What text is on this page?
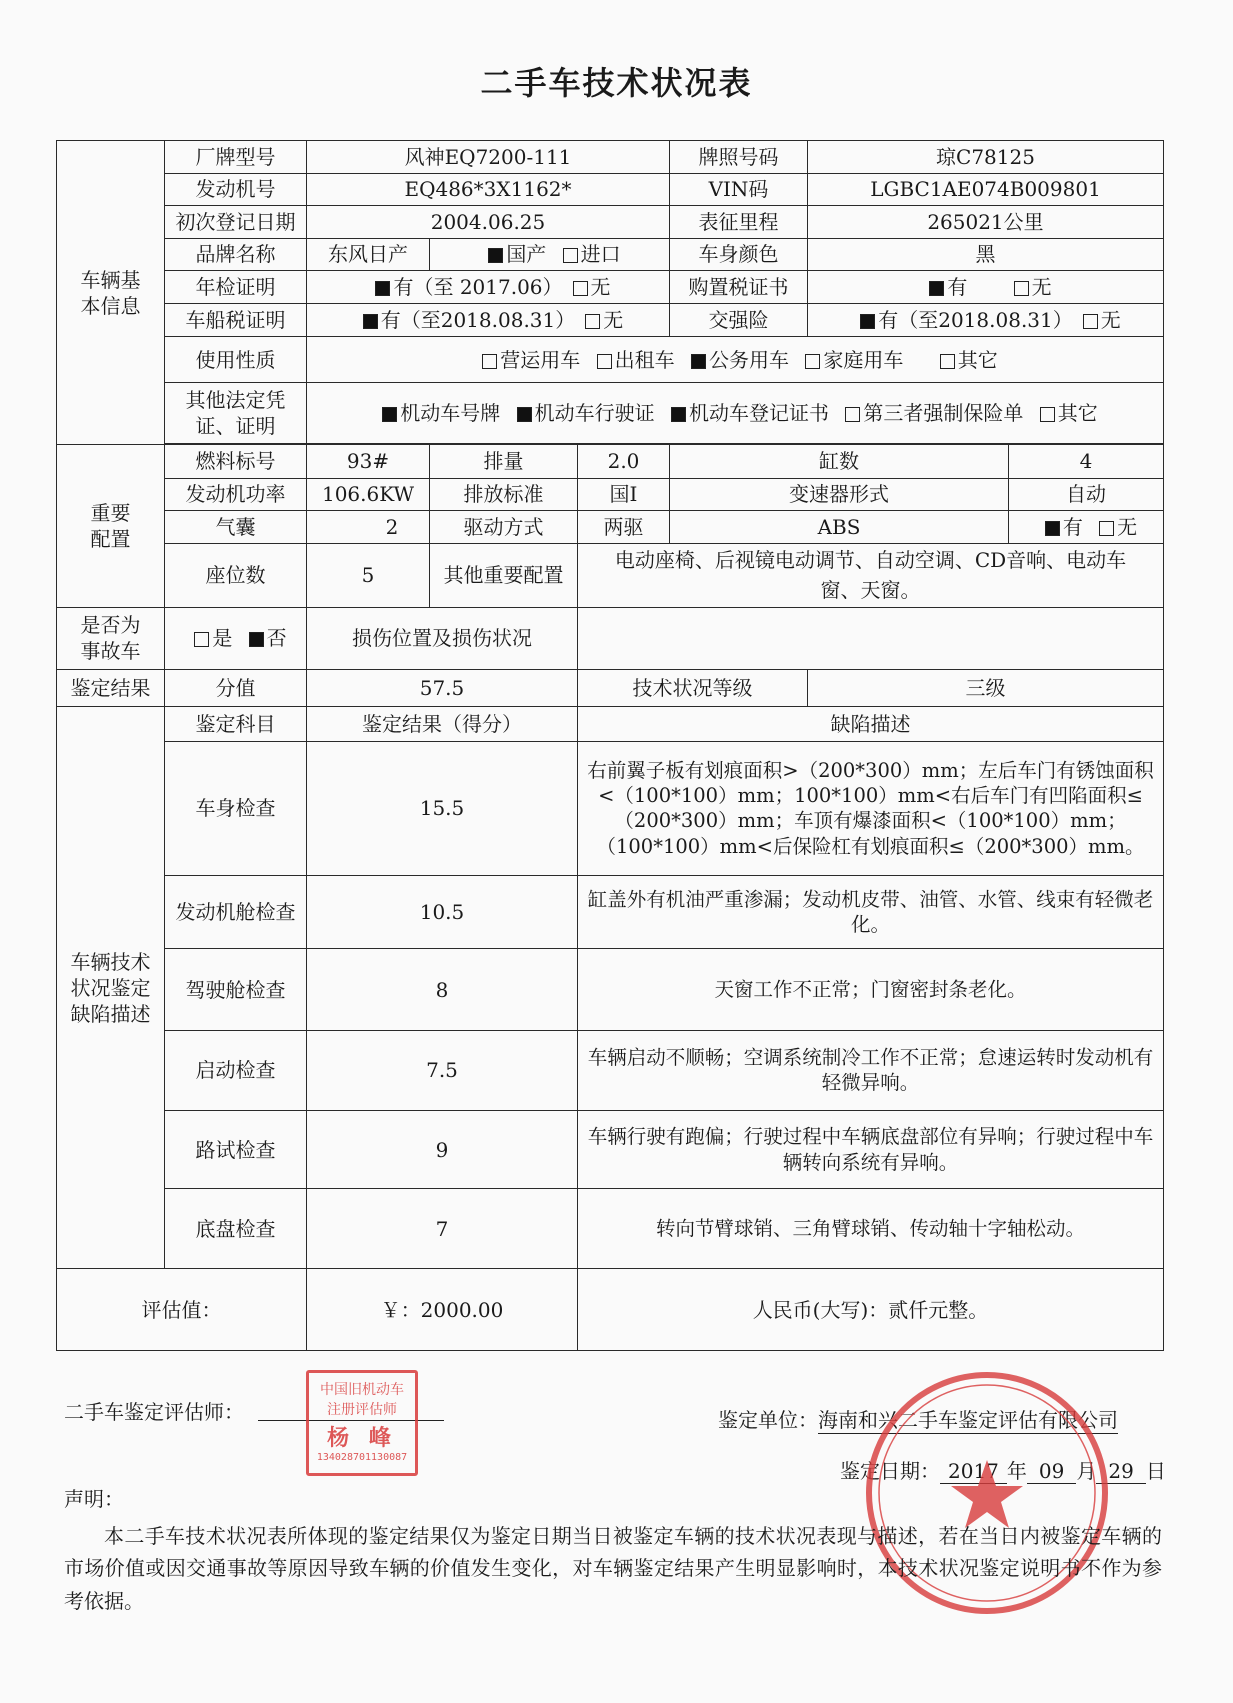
二手车技术状况表
车辆基本信息	厂牌型号	风神EQ7200-111			牌照号码	琼C78125	
	发动机号	EQ486*3X1162*			VIN码	LGBC1AE074B009801	
	初次登记日期	2004.06.25			表征里程	265021公里	
	品牌名称	东风日产	国产 进口		车身颜色	黑	
	年检证明	有（至 2017.06） 无			购置税证书	有 无	
	车船税证明	有（至2018.08.31） 无			交强险	有（至2018.08.31） 无	
	使用性质	营运用车 出租车 公务用车 家庭用车 其它					
	其他法定凭证、证明	机动车号牌 机动车行驶证 机动车登记证书 第三者强制保险单 其它					

重要配置	燃料标号	93#	排量	2.0	缸数		4
	发动机功率	106.6KW	排放标准	国Ⅰ	变速器形式		自动
	气囊	2	驱动方式	两驱	ABS		有 无
	座位数	5	其他重要配置	电动座椅、后视镜电动调节、自动空调、CD音响、电动车窗、天窗。			
是否为事故车	是 否	损伤位置及损伤状况					
鉴定结果	分值	57.5		技术状况等级		三级	
车辆技术状况鉴定缺陷描述	鉴定科目	鉴定结果（得分）		缺陷描述			
	车身检查	15.5		右前翼子板有划痕面积>（200*300）mm；左后车门有锈蚀面积<（100*100）mm；100*100）mm<右后车门有凹陷面积≤（200*300）mm；车顶有爆漆面积<（100*100）mm；（100*100）mm<后保险杠有划痕面积≤（200*300）mm。			
	发动机舱检查	10.5		缸盖外有机油严重渗漏；发动机皮带、油管、水管、线束有轻微老化。			
	驾驶舱检查	8		天窗工作不正常；门窗密封条老化。			
	启动检查	7.5		车辆启动不顺畅；空调系统制冷工作不正常；怠速运转时发动机有轻微异响。			
	路试检查	9		车辆行驶有跑偏；行驶过程中车辆底盘部位有异响；行驶过程中车辆转向系统有异响。			
	底盘检查	7		转向节臂球销、三角臂球销、传动轴十字轴松动。			
评估值：		￥：2000.00		人民币(大写)：贰仟元整。			
二手车鉴定评估师：
中国旧机动车
注册评估师
杨 峰
134028701130087
鉴定单位：海南和兴二手车鉴定评估有限公司
鉴定日期： 2017 年 09 月 29 日
声明：
本二手车技术状况表所体现的鉴定结果仅为鉴定日期当日被鉴定车辆的技术状况表现与描述，若在当日内被鉴定车辆的市场价值或因交通事故等原因导致车辆的价值发生变化，对车辆鉴定结果产生明显影响时，本技术状况鉴定说明书不作为参考依据。
